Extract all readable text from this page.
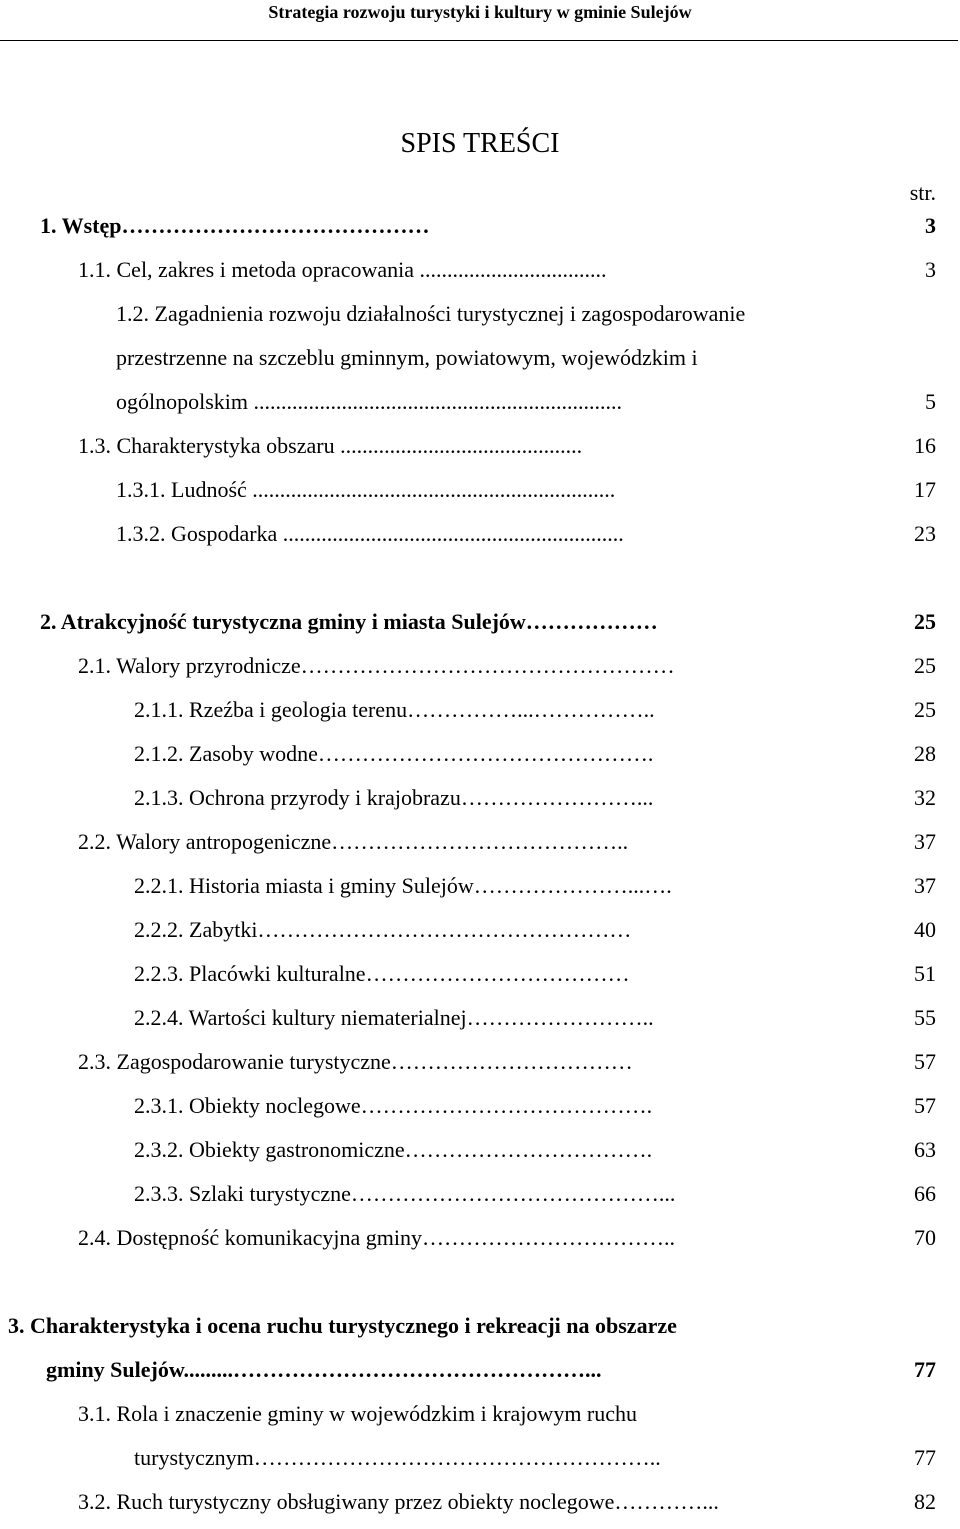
Strategia rozwoju turystyki i kultury w gminie Sulejów
SPIS TREŚCI
str.
1. Wstęp……………………………………	3
1.1. Cel, zakres i metoda opracowania ..................................	3
1.2. Zagadnienia rozwoju działalności turystycznej i zagospodarowanie
przestrzenne na szczeblu gminnym, powiatowym, wojewódzkim i
ogólnopolskim ...................................................................	5
1.3. Charakterystyka obszaru ............................................	16
1.3.1. Ludność ..................................................................	17
1.3.2. Gospodarka ..............................................................	23
2. Atrakcyjność turystyczna gminy i miasta Sulejów………………	25
2.1. Walory przyrodnicze……………………………………………	25
2.1.1. Rzeźba i geologia terenu……………...……………..	25
2.1.2. Zasoby wodne……………………………………….	28
2.1.3. Ochrona przyrody i krajobrazu……………………...	32
2.2. Walory antropogeniczne…………………………………..	37
2.2.1. Historia miasta i gminy Sulejów…………………...….	37
2.2.2. Zabytki……………………………………………	40
2.2.3. Placówki kulturalne………………………………	51
2.2.4. Wartości kultury niematerialnej……………………..	55
2.3. Zagospodarowanie turystyczne……………………………	57
2.3.1. Obiekty noclegowe………………………………….	57
2.3.2. Obiekty gastronomiczne…………………………….	63
2.3.3. Szlaki turystyczne……………………………………...	66
2.4. Dostępność komunikacyjna gminy……………………………..	70
3. Charakterystyka i ocena ruchu turystycznego i rekreacji na obszarze
gminy Sulejów.........…………………………………………...	77
3.1. Rola i znaczenie gminy w wojewódzkim i krajowym ruchu
turystycznym………………………………………………..	77
3.2. Ruch turystyczny obsługiwany przez obiekty noclegowe…………...	82
